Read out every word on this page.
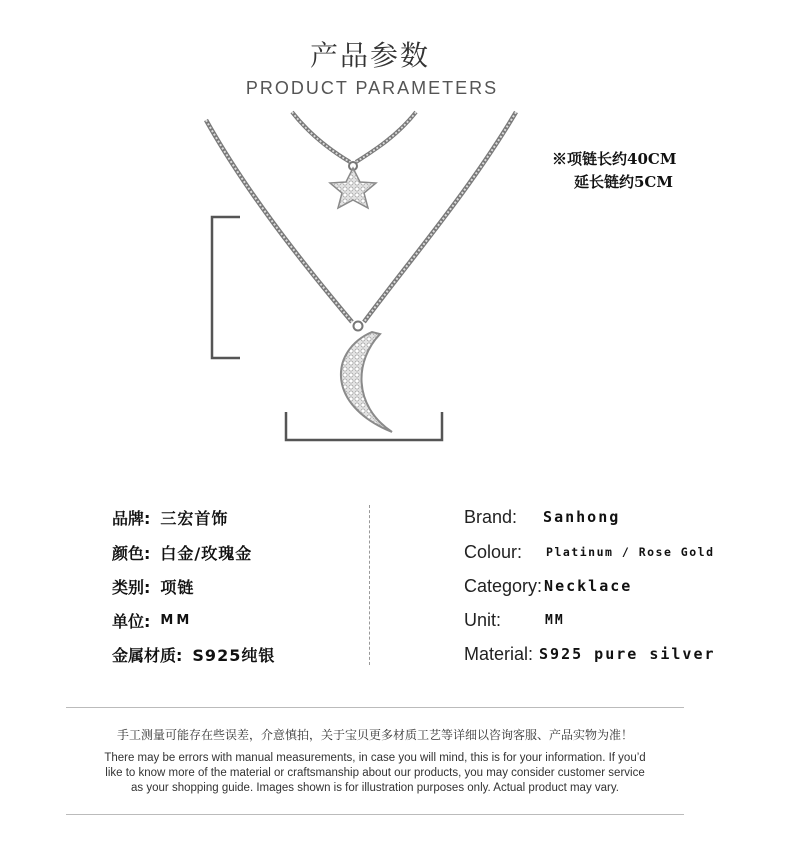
产品参数
PRODUCT PARAMETERS
※项链长约40CM
延长链约5CM
品牌: 三宏首饰
颜色: 白金/玫瑰金
类别: 项链
单位: MM
金属材质: S925纯银
Brand: Sanhong
Colour: Platinum / Rose Gold
Category: Necklace
Unit:	MM
Material: S925 pure silver
手工测量可能存在些误差，介意慎拍，关于宝贝更多材质工艺等详细以咨询客服、产品实物为准！
There may be errors with manual measurements, in case you will mind, this is for your information. If you’d
like to know more of the material or craftsmanship about our products, you may consider customer service
as your shopping guide. Images shown is for illustration purposes only. Actual product may vary.
